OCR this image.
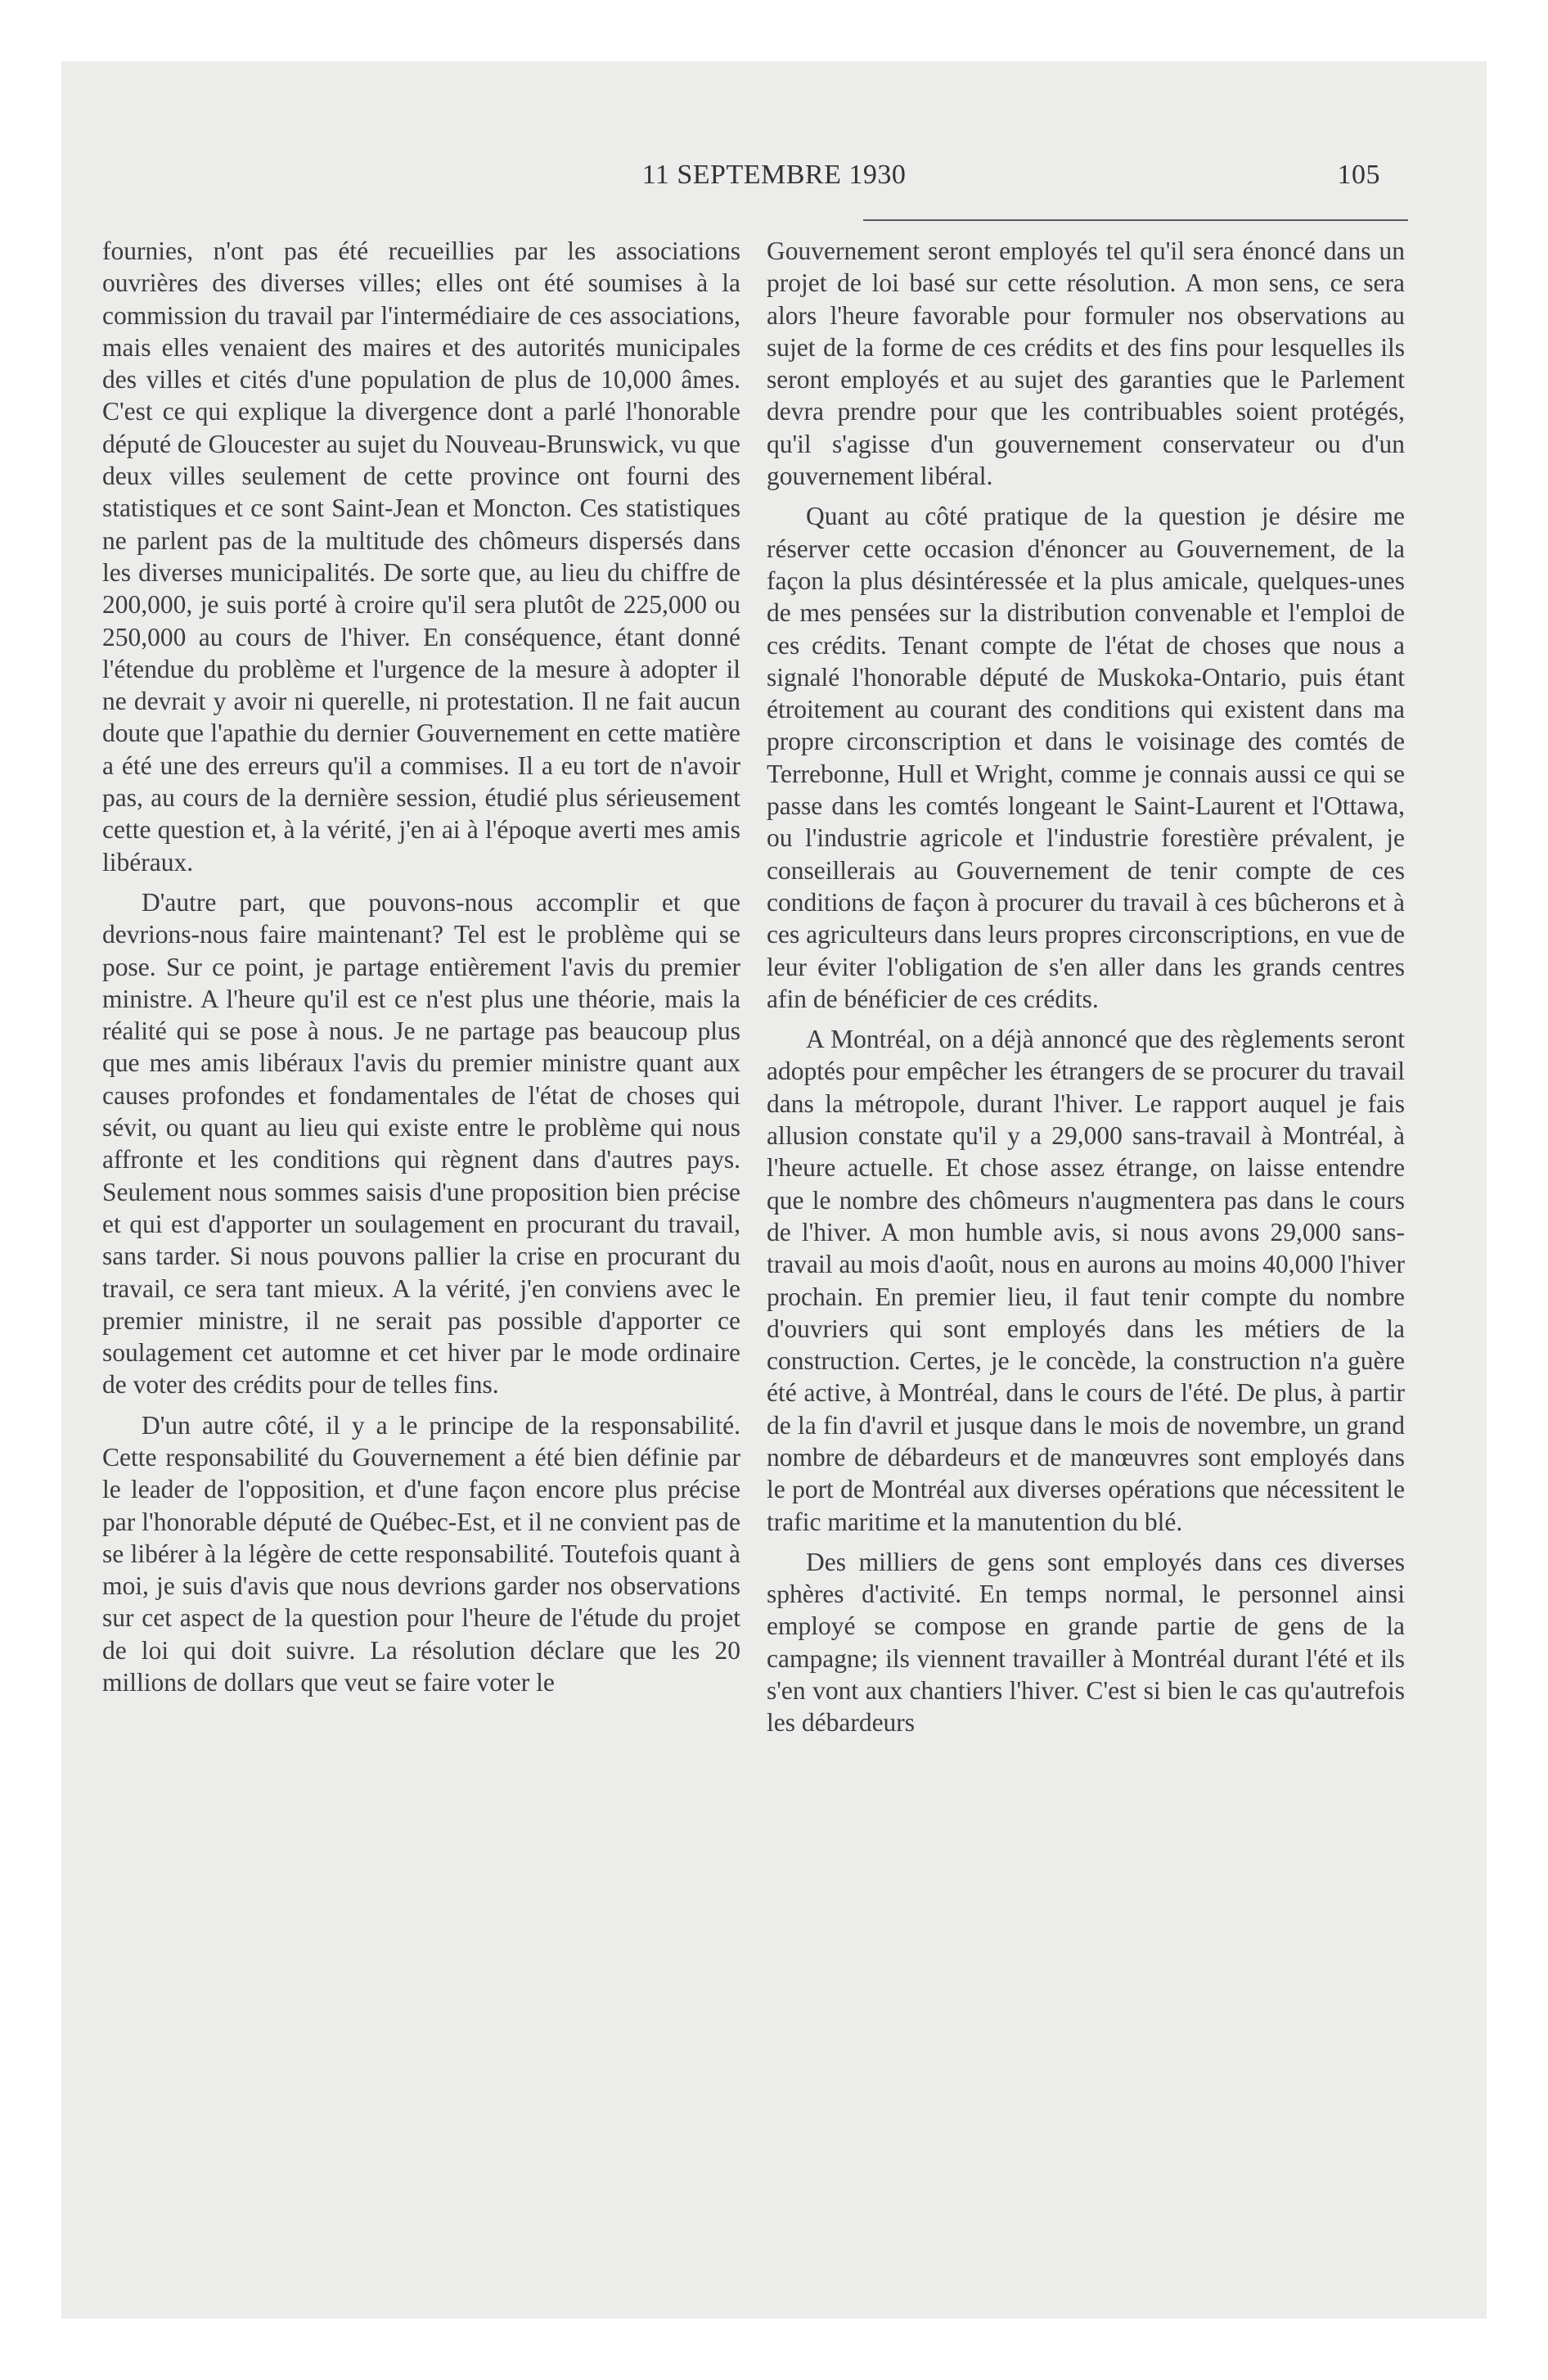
11 SEPTEMBRE 1930	105

fournies, n'ont pas été recueillies par les associations ouvrières des diverses villes; elles ont été soumises à la commission du travail par l'intermédiaire de ces associations, mais elles venaient des maires et des autorités municipales des villes et cités d'une population de plus de 10,000 âmes. C'est ce qui explique la divergence dont a parlé l'honorable député de Gloucester au sujet du Nouveau-Brunswick, vu que deux villes seulement de cette province ont fourni des statistiques et ce sont Saint-Jean et Moncton. Ces statistiques ne parlent pas de la multitude des chômeurs dispersés dans les diverses municipalités. De sorte que, au lieu du chiffre de 200,000, je suis porté à croire qu'il sera plutôt de 225,000 ou 250,000 au cours de l'hiver. En conséquence, étant donné l'étendue du problème et l'urgence de la mesure à adopter il ne devrait y avoir ni querelle, ni protestation. Il ne fait aucun doute que l'apathie du dernier Gouvernement en cette matière a été une des erreurs qu'il a commises. Il a eu tort de n'avoir pas, au cours de la dernière session, étudié plus sérieusement cette question et, à la vérité, j'en ai à l'époque averti mes amis libéraux.

D'autre part, que pouvons-nous accomplir et que devrions-nous faire maintenant? Tel est le problème qui se pose. Sur ce point, je partage entièrement l'avis du premier ministre. A l'heure qu'il est ce n'est plus une théorie, mais la réalité qui se pose à nous. Je ne partage pas beaucoup plus que mes amis libéraux l'avis du premier ministre quant aux causes profondes et fondamentales de l'état de choses qui sévit, ou quant au lieu qui existe entre le problème qui nous affronte et les conditions qui règnent dans d'autres pays. Seulement nous sommes saisis d'une proposition bien précise et qui est d'apporter un soulagement en procurant du travail, sans tarder. Si nous pouvons pallier la crise en procurant du travail, ce sera tant mieux. A la vérité, j'en conviens avec le premier ministre, il ne serait pas possible d'apporter ce soulagement cet automne et cet hiver par le mode ordinaire de voter des crédits pour de telles fins.

D'un autre côté, il y a le principe de la responsabilité. Cette responsabilité du Gouvernement a été bien définie par le leader de l'opposition, et d'une façon encore plus précise par l'honorable député de Québec-Est, et il ne convient pas de se libérer à la légère de cette responsabilité. Toutefois quant à moi, je suis d'avis que nous devrions garder nos observations sur cet aspect de la question pour l'heure de l'étude du projet de loi qui doit suivre. La résolution déclare que les 20 millions de dollars que veut se faire voter le

Gouvernement seront employés tel qu'il sera énoncé dans un projet de loi basé sur cette résolution. A mon sens, ce sera alors l'heure favorable pour formuler nos observations au sujet de la forme de ces crédits et des fins pour lesquelles ils seront employés et au sujet des garanties que le Parlement devra prendre pour que les contribuables soient protégés, qu'il s'agisse d'un gouvernement conservateur ou d'un gouvernement libéral.

Quant au côté pratique de la question je désire me réserver cette occasion d'énoncer au Gouvernement, de la façon la plus désintéressée et la plus amicale, quelques-unes de mes pensées sur la distribution convenable et l'emploi de ces crédits. Tenant compte de l'état de choses que nous a signalé l'honorable député de Muskoka-Ontario, puis étant étroitement au courant des conditions qui existent dans ma propre circonscription et dans le voisinage des comtés de Terrebonne, Hull et Wright, comme je connais aussi ce qui se passe dans les comtés longeant le Saint-Laurent et l'Ottawa, ou l'industrie agricole et l'industrie forestière prévalent, je conseillerais au Gouvernement de tenir compte de ces conditions de façon à procurer du travail à ces bûcherons et à ces agriculteurs dans leurs propres circonscriptions, en vue de leur éviter l'obligation de s'en aller dans les grands centres afin de bénéficier de ces crédits.

A Montréal, on a déjà annoncé que des règlements seront adoptés pour empêcher les étrangers de se procurer du travail dans la métropole, durant l'hiver. Le rapport auquel je fais allusion constate qu'il y a 29,000 sans-travail à Montréal, à l'heure actuelle. Et chose assez étrange, on laisse entendre que le nombre des chômeurs n'augmentera pas dans le cours de l'hiver. A mon humble avis, si nous avons 29,000 sans-travail au mois d'août, nous en aurons au moins 40,000 l'hiver prochain. En premier lieu, il faut tenir compte du nombre d'ouvriers qui sont employés dans les métiers de la construction. Certes, je le concède, la construction n'a guère été active, à Montréal, dans le cours de l'été. De plus, à partir de la fin d'avril et jusque dans le mois de novembre, un grand nombre de débardeurs et de manœuvres sont employés dans le port de Montréal aux diverses opérations que nécessitent le trafic maritime et la manutention du blé.

Des milliers de gens sont employés dans ces diverses sphères d'activité. En temps normal, le personnel ainsi employé se compose en grande partie de gens de la campagne; ils viennent travailler à Montréal durant l'été et ils s'en vont aux chantiers l'hiver. C'est si bien le cas qu'autrefois les débardeurs
